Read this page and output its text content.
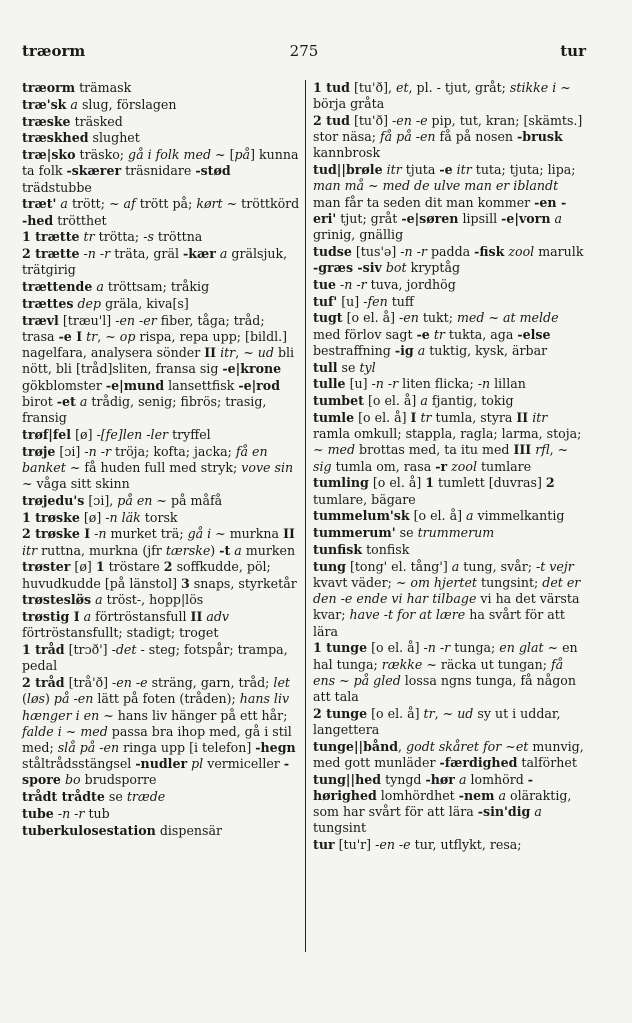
træorm	275	tur
træorm trämask
træ'sk a slug, förslagen
træske träsked
træskhed slughet
træ|sko träsko; gå i folk med ~ [på] kunna ta folk -skærer träsnidare -stød trädstubbe
træt' a trött; ~ af trött på; kørt ~ tröttkörd -hed trötthet
1 trætte tr trötta; -s tröttna
2 trætte -n -r träta, gräl -kær a grälsjuk, trätgirig
trættende a tröttsam; tråkig
trættes dep gräla, kiva[s]
trævl [træu'l] -en -er fiber, tåga; tråd; trasa -e I tr, ~ op rispa, repa upp; [bildl.] nagelfara, analysera sönder II itr, ~ ud bli nött, bli [tråd]sliten, fransa sig -e|krone gökblomster -e|mund lansettfisk -e|rod birot -et a trådig, senig; fibrös; trasig, fransig
trøf|fel [ø] -[fe]len -ler tryffel
trøje [ɔi] -n -r tröja; kofta; jacka; få en banket ~ få huden full med stryk; vove sin ~ våga sitt skinn
trøjedu's [ɔi], på en ~ på måfå
1 trøske [ø] -n läk torsk
2 trøske I -n murket trä; gå i ~ murkna II itr ruttna, murkna (jfr tærske) -t a murken
trøster [ø] 1 tröstare 2 soffkudde, pöl; huvudkudde [på länstol] 3 snaps, styrketår
trøsteslø̈s a tröst-, hopp|lös
trøstig I a förtröstansfull II adv förtröstansfullt; stadigt; troget
1 tråd [trɔð'] -det - steg; fotspår; trampa, pedal
2 tråd [trå'ð] -en -e sträng, garn, tråd; let (løs) på -en lätt på foten (tråden); hans liv hænger i en ~ hans liv hänger på ett hår; falde i ~ med passa bra ihop med, gå i stil med; slå på -en ringa upp [i telefon] -hegn ståltrådsstängsel -nudler pl vermiceller -spore bo brudsporre
trådt trådte se træde
tube -n -r tub
tuberkulosestation dispensär
1 tud [tu'ð], et, pl. - tjut, gråt; stikke i ~ börja gråta
2 tud [tu'ð] -en -e pip, tut, kran; [skämts.] stor näsa; få på -en få på nosen -brusk kannbrosk
tud||brøle itr tjuta -e itr tuta; tjuta; lipa; man må ~ med de ulve man er iblandt man får ta seden dit man kommer -en -eri' tjut; gråt -e|søren lipsill -e|vorn a grinig, gnällig
tudse [tus'ə] -n -r padda -fisk zool marulk -græs -siv bot kryptåg
tue -n -r tuva, jordhög
tuf' [u] -fen tuff
tugt [o el. å] -en tukt; med ~ at melde med förlov sagt -e tr tukta, aga -else bestraffning -ig a tuktig, kysk, ärbar
tull se tyl
tulle [u] -n -r liten flicka; -n lillan
tumbet [o el. å] a fjantig, tokig
tumle [o el. å] I tr tumla, styra II itr ramla omkull; stappla, ragla; larma, stoja; ~ med brottas med, ta itu med III rfl, ~ sig tumla om, rasa -r zool tumlare
tumling [o el. å] 1 tumlett [duvras] 2 tumlare, bägare
tummelum'sk [o el. å] a vimmelkantig
tummerum' se trummerum
tunfisk tonfisk
tung [tong' el. tång'] a tung, svår; -t vejr kvavt väder; ~ om hjertet tungsint; det er den -e ende vi har tilbage vi ha det värsta kvar; have -t for at lære ha svårt för att lära
1 tunge [o el. å] -n -r tunga; en glat ~ en hal tunga; række ~ räcka ut tungan; få ens ~ på gled lossa ngns tunga, få någon att tala
2 tunge [o el. å] tr, ~ ud sy ut i uddar, langettera
tunge||bånd, godt skåret for ~et munvig, med gott munläder -færdighed talförhet
tung||hed tyngd -hør a lomhörd -hørighed lomhördhet -nem a oläraktig, som har svårt för att lära -sin'dig a tungsint
tur [tu'r] -en -e tur, utflykt, resa;
